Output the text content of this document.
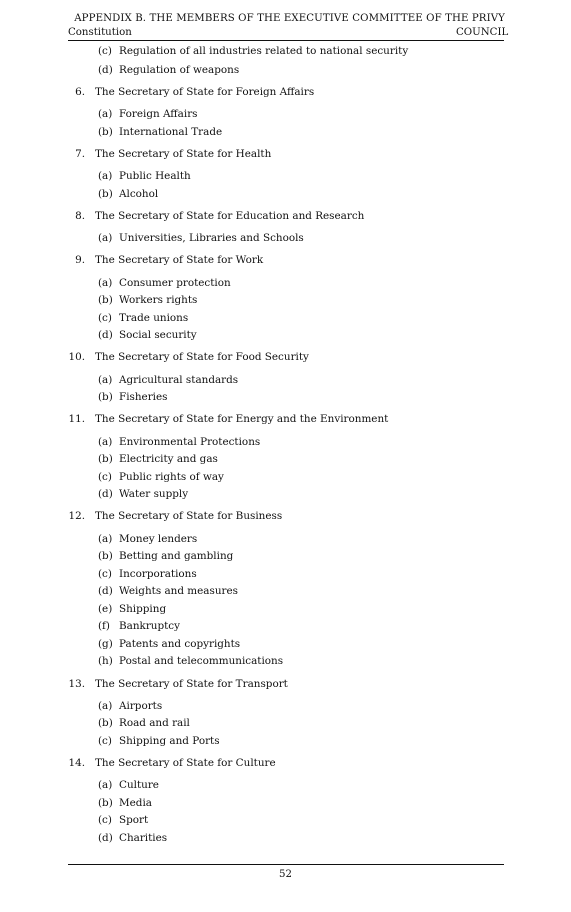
APPENDIX B. THE MEMBERS OF THE EXECUTIVE COMMITTEE OF THE PRIVY
Constitution	COUNCIL
(c) Regulation of all industries related to national security
(d) Regulation of weapons
6. The Secretary of State for Foreign Affairs
(a) Foreign Affairs
(b) International Trade
7. The Secretary of State for Health
(a) Public Health
(b) Alcohol
8. The Secretary of State for Education and Research
(a) Universities, Libraries and Schools
9. The Secretary of State for Work
(a) Consumer protection
(b) Workers rights
(c) Trade unions
(d) Social security
10. The Secretary of State for Food Security
(a) Agricultural standards
(b) Fisheries
11. The Secretary of State for Energy and the Environment
(a) Environmental Protections
(b) Electricity and gas
(c) Public rights of way
(d) Water supply
12. The Secretary of State for Business
(a) Money lenders
(b) Betting and gambling
(c) Incorporations
(d) Weights and measures
(e) Shipping
(f) Bankruptcy
(g) Patents and copyrights
(h) Postal and telecommunications
13. The Secretary of State for Transport
(a) Airports
(b) Road and rail
(c) Shipping and Ports
14. The Secretary of State for Culture
(a) Culture
(b) Media
(c) Sport
(d) Charities
52
